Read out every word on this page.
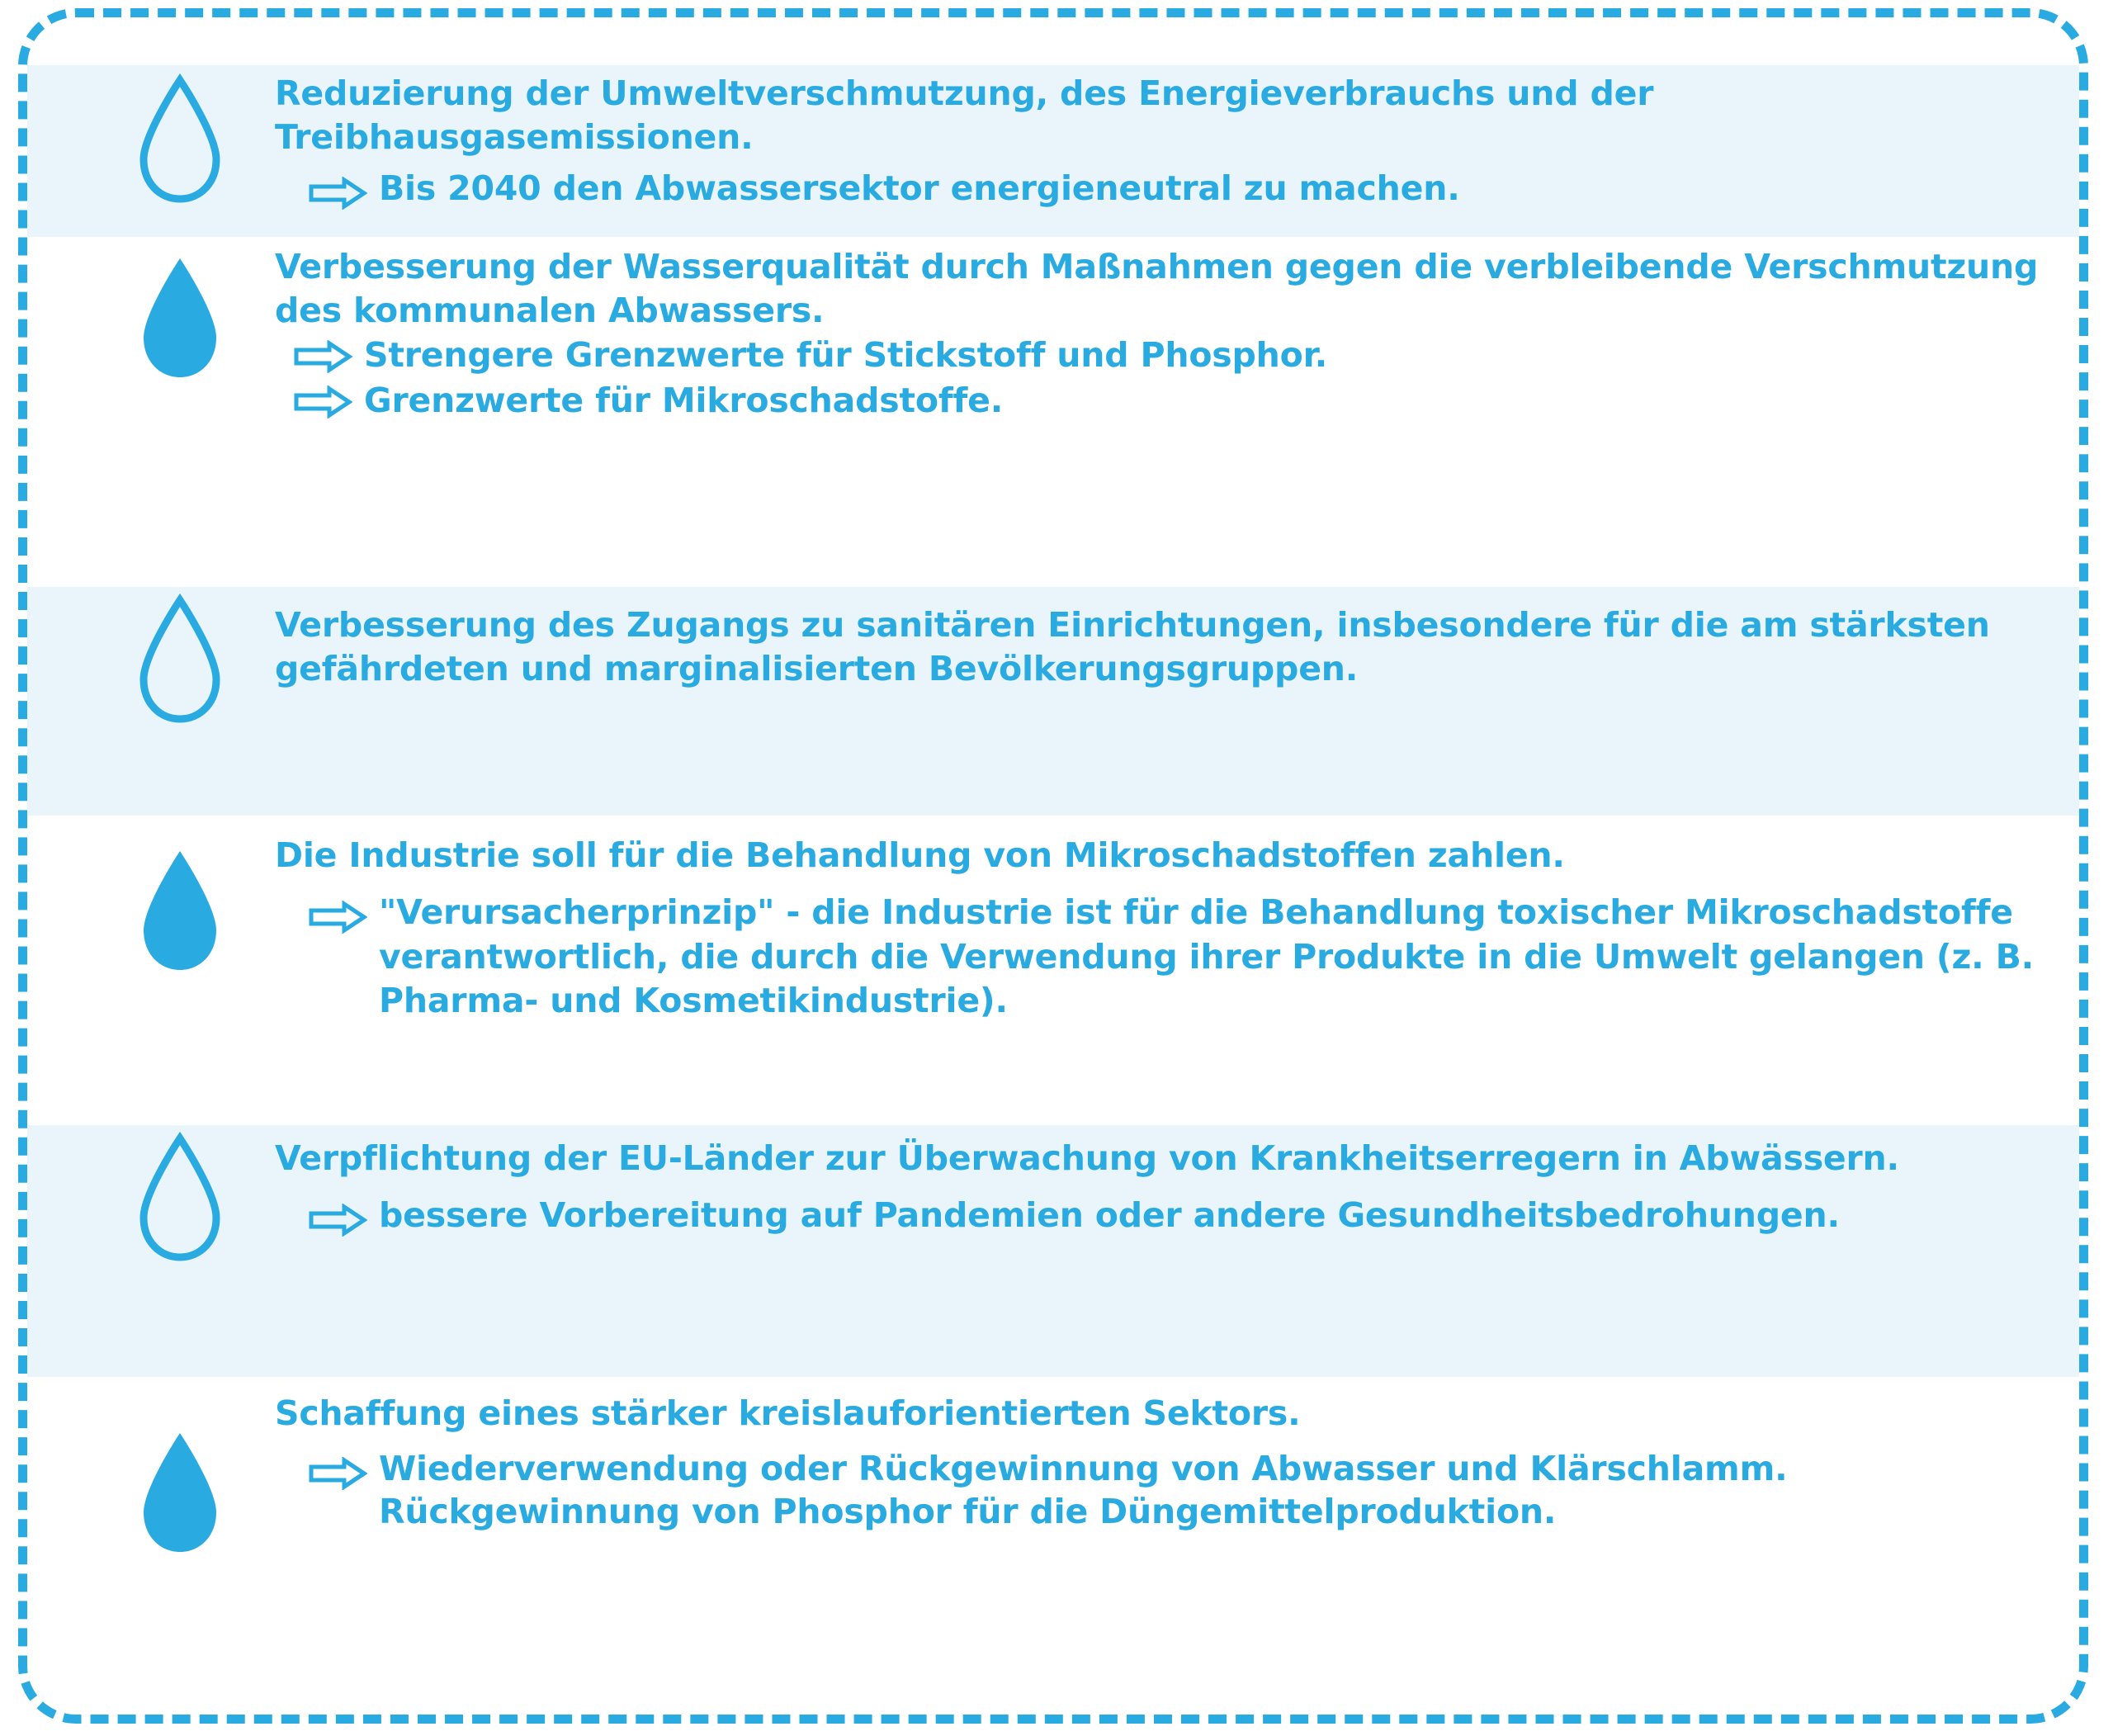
Reduzierung der Umweltverschmutzung, des Energieverbrauchs und der Treibhausgasemissionen.
Bis 2040 den Abwassersektor energieneutral zu machen.
Verbesserung der Wasserqualität durch Maßnahmen gegen die verbleibende Verschmutzung des kommunalen Abwassers.
Strengere Grenzwerte für Stickstoff und Phosphor.
Grenzwerte für Mikroschadstoffe.
Verbesserung des Zugangs zu sanitären Einrichtungen, insbesondere für die am stärksten gefährdeten und marginalisierten Bevölkerungsgruppen.
Die Industrie soll für die Behandlung von Mikroschadstoffen zahlen.
"Verursacherprinzip" - die Industrie ist für die Behandlung toxischer Mikroschadstoffe verantwortlich, die durch die Verwendung ihrer Produkte in die Umwelt gelangen (z. B. Pharma- und Kosmetikindustrie).
Verpflichtung der EU-Länder zur Überwachung von Krankheitserregern in Abwässern.
bessere Vorbereitung auf Pandemien oder andere Gesundheitsbedrohungen.
Schaffung eines stärker kreislauforientierten Sektors.
Wiederverwendung oder Rückgewinnung von Abwasser und Klärschlamm.
Rückgewinnung von Phosphor für die Düngemittelproduktion.
